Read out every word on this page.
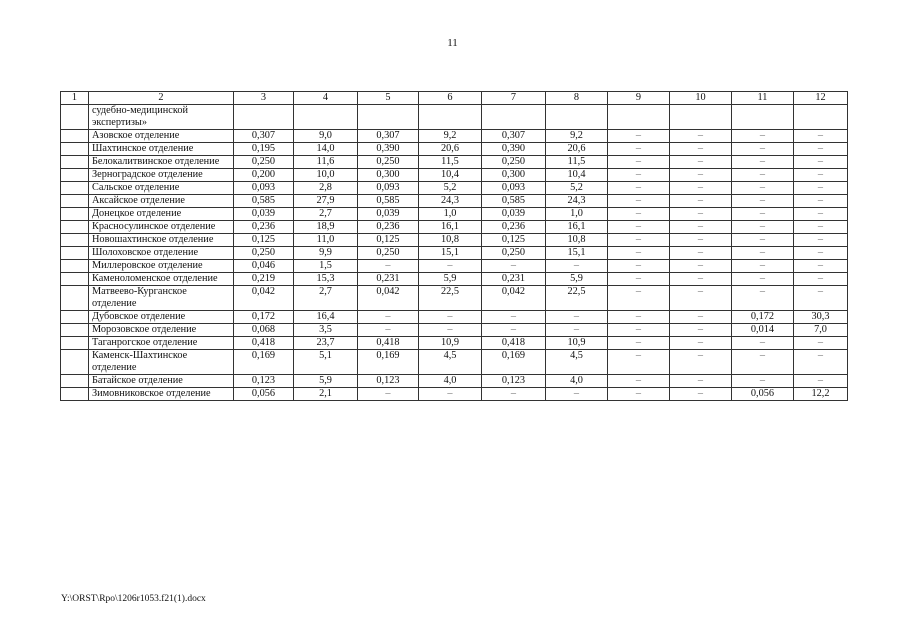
11
1	2	3	4	5	6	7	8	9	10	11	12
	судебно-медицинской экспертизы»										
	Азовское отделение	0,307	9,0	0,307	9,2	0,307	9,2	–	–	–	–
	Шахтинское отделение	0,195	14,0	0,390	20,6	0,390	20,6	–	–	–	–
	Белокалитвинское отделение	0,250	11,6	0,250	11,5	0,250	11,5	–	–	–	–
	Зерноградское отделение	0,200	10,0	0,300	10,4	0,300	10,4	–	–	–	–
	Сальское отделение	0,093	2,8	0,093	5,2	0,093	5,2	–	–	–	–
	Аксайское отделение	0,585	27,9	0,585	24,3	0,585	24,3	–	–	–	–
	Донецкое отделение	0,039	2,7	0,039	1,0	0,039	1,0	–	–	–	–
	Красносулинское отделение	0,236	18,9	0,236	16,1	0,236	16,1	–	–	–	–
	Новошахтинское отделение	0,125	11,0	0,125	10,8	0,125	10,8	–	–	–	–
	Шолоховское отделение	0,250	9,9	0,250	15,1	0,250	15,1	–	–	–	–
	Миллеровское отделение	0,046	1,5	–	–	–	–	–	–	–	–
	Каменоломенское отделение	0,219	15,3	0,231	5,9	0,231	5,9	–	–	–	–
	Матвеево-Курганское отделение	0,042	2,7	0,042	22,5	0,042	22,5	–	–	–	–
	Дубовское отделение	0,172	16,4	–	–	–	–	–	–	0,172	30,3
	Морозовское отделение	0,068	3,5	–	–	–	–	–	–	0,014	7,0
	Таганрогское отделение	0,418	23,7	0,418	10,9	0,418	10,9	–	–	–	–
	Каменск-Шахтинское отделение	0,169	5,1	0,169	4,5	0,169	4,5	–	–	–	–
	Батайское отделение	0,123	5,9	0,123	4,0	0,123	4,0	–	–	–	–
	Зимовниковское отделение	0,056	2,1	–	–	–	–	–	–	0,056	12,2
Y:\ORST\Rpo\1206r1053.f21(1).docx
